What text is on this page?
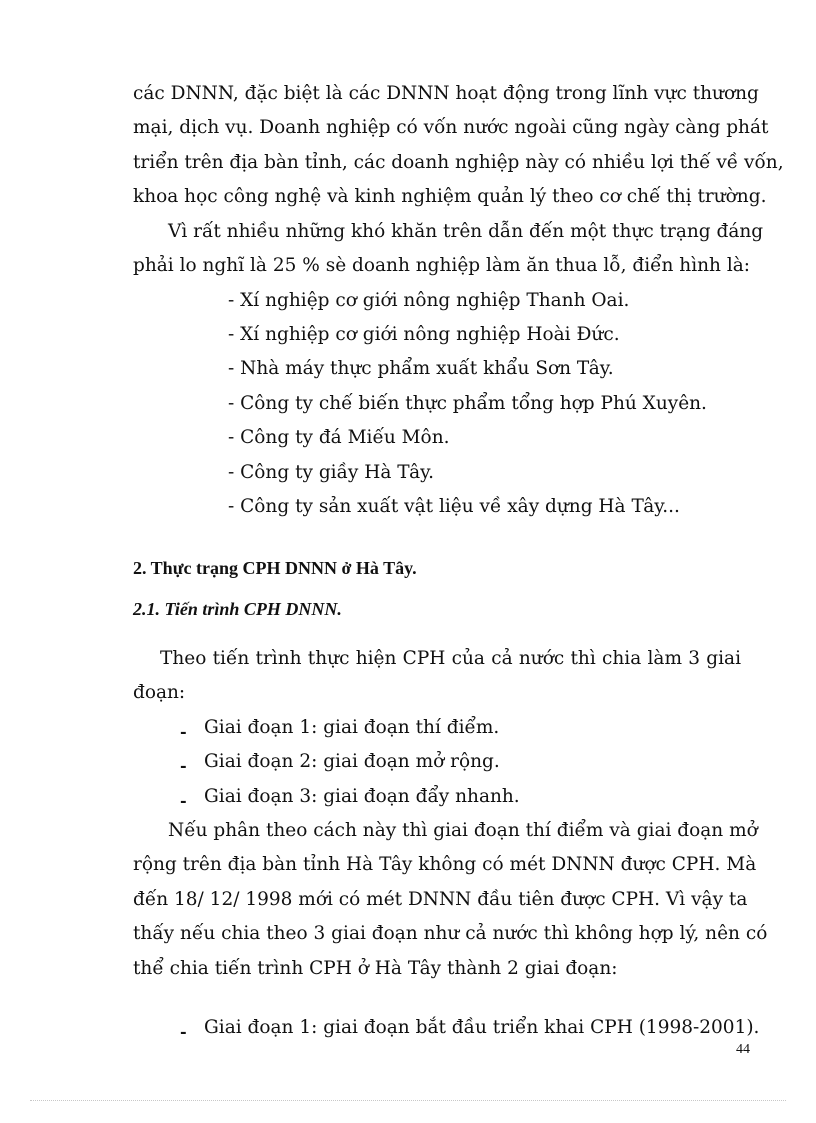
các DNNN, đặc biệt là các DNNN hoạt động trong lĩnh vực thương
mại, dịch vụ. Doanh nghiệp có vốn nước ngoài cũng ngày càng phát
triển trên địa bàn tỉnh, các doanh nghiệp này có nhiều lợi thế về vốn,
khoa học công nghệ và kinh nghiệm quản lý theo cơ chế thị trường.
Vì rất nhiều những khó khăn trên dẫn đến một thực trạng đáng
phải lo nghĩ là 25 % sè doanh nghiệp làm ăn thua lỗ, điển hình là:
- Xí nghiệp cơ giới nông nghiệp Thanh Oai.
- Xí nghiệp cơ giới nông nghiệp Hoài Đức.
- Nhà máy thực phẩm xuất khẩu Sơn Tây.
- Công ty chế biến thực phẩm tổng hợp Phú Xuyên.
- Công ty đá Miếu Môn.
- Công ty giầy Hà Tây.
- Công ty sản xuất vật liệu về xây dựng Hà Tây...
2. Thực trạng CPH DNNN ở Hà Tây.
2.1. Tiến trình CPH DNNN.
Theo tiến trình thực hiện CPH của cả nước thì chia làm 3 giai
đoạn:
- Giai đoạn 1: giai đoạn thí điểm.
- Giai đoạn 2: giai đoạn mở rộng.
- Giai đoạn 3: giai đoạn đẩy nhanh.
Nếu phân theo cách này thì giai đoạn thí điểm và giai đoạn mở
rộng trên địa bàn tỉnh Hà Tây không có mét DNNN được CPH. Mà
đến 18/ 12/ 1998 mới có mét DNNN đầu tiên được CPH. Vì vậy ta
thấy nếu chia theo 3 giai đoạn như cả nước thì không hợp lý, nên có
thể chia tiến trình CPH ở Hà Tây thành 2 giai đoạn:
- Giai đoạn 1: giai đoạn bắt đầu triển khai CPH (1998-2001).
44
